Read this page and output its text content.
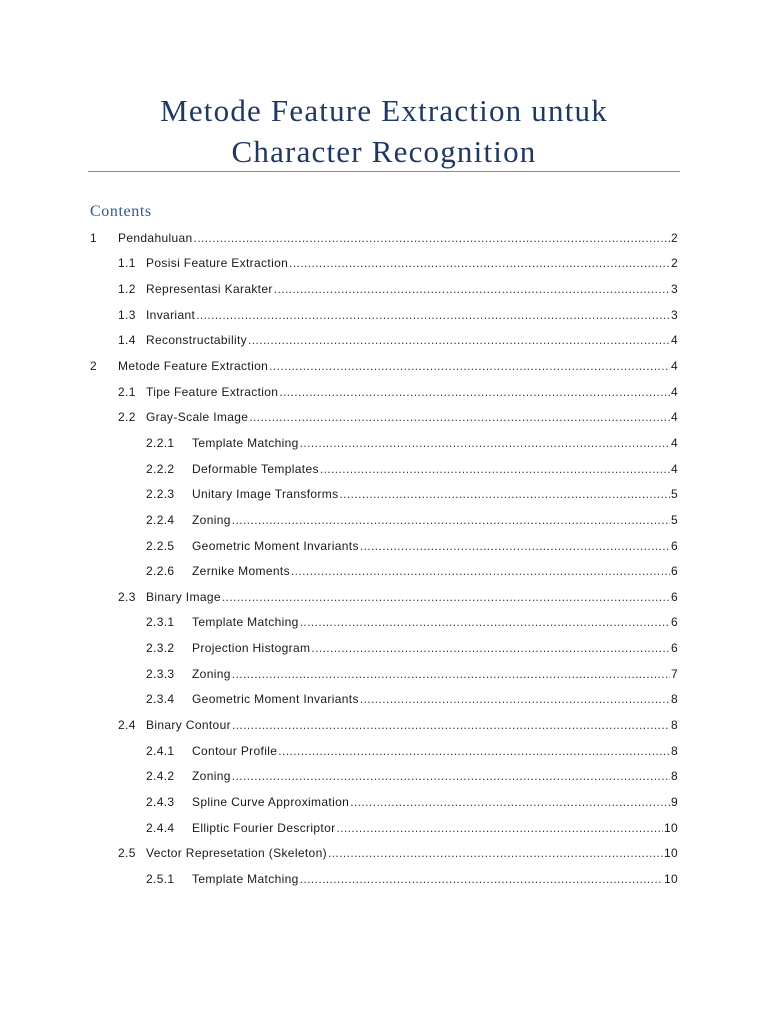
Metode Feature Extraction untuk
Character Recognition
Contents
1	Pendahuluan .....	2
1.1 Posisi Feature Extraction .....	2
1.2 Representasi Karakter .....	3
1.3 Invariant .....	3
1.4 Reconstructability .....	4
2	Metode Feature Extraction .....	4
2.1 Tipe Feature Extraction .....	4
2.2 Gray-Scale Image .....	4
2.2.1	Template Matching .....	4
2.2.2	Deformable Templates .....	4
2.2.3	Unitary Image Transforms .....	5
2.2.4	Zoning .....	5
2.2.5	Geometric Moment Invariants .....	6
2.2.6	Zernike Moments .....	6
2.3 Binary Image .....	6
2.3.1	Template Matching .....	6
2.3.2	Projection Histogram .....	6
2.3.3	Zoning .....	7
2.3.4	Geometric Moment Invariants .....	8
2.4 Binary Contour .....	8
2.4.1	Contour Profile .....	8
2.4.2	Zoning .....	8
2.4.3	Spline Curve Approximation .....	9
2.4.4	Elliptic Fourier Descriptor .....	10
2.5 Vector Represetation (Skeleton) .....	10
2.5.1	Template Matching .....	10
